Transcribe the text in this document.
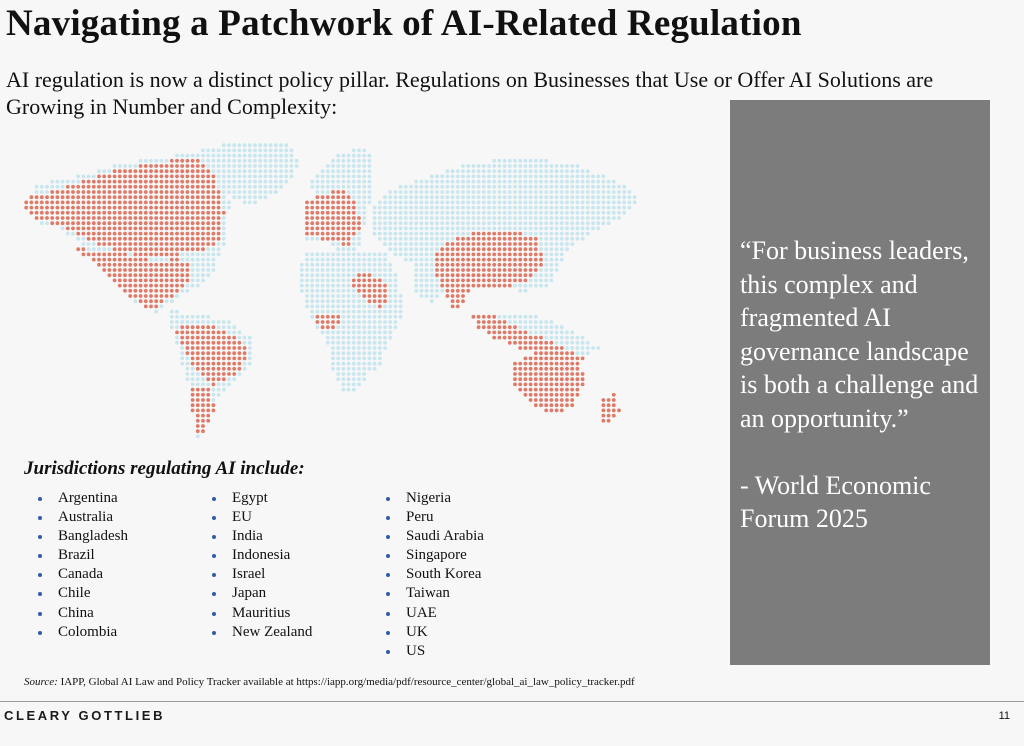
Navigating a Patchwork of AI-Related Regulation
AI regulation is now a distinct policy pillar. Regulations on Businesses that Use or Offer AI Solutions are Growing in Number and Complexity:
“For business leaders, this complex and fragmented AI governance landscape is both a challenge and an opportunity.”
- World Economic Forum 2025
Jurisdictions regulating AI include:
Argentina
Australia
Bangladesh
Brazil
Canada
Chile
China
Colombia
Egypt
EU
India
Indonesia
Israel
Japan
Mauritius
New Zealand
Nigeria
Peru
Saudi Arabia
Singapore
South Korea
Taiwan
UAE
UK
US
Source: IAPP, Global AI Law and Policy Tracker available at https://iapp.org/media/pdf/resource_center/global_ai_law_policy_tracker.pdf
CLEARY GOTTLIEB	11
